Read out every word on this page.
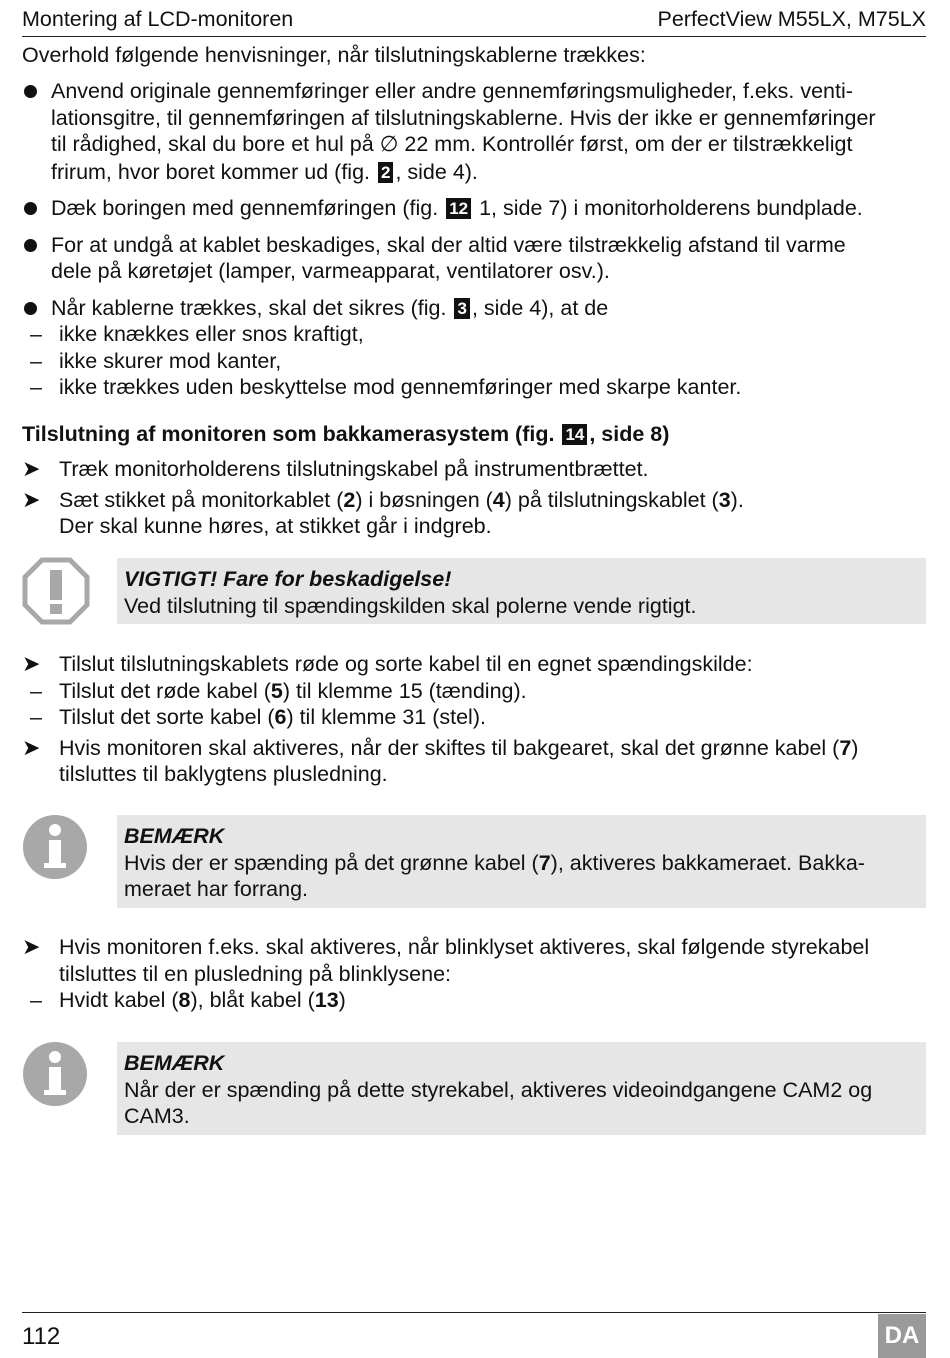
Montering af LCD-monitoren	PerfectView M55LX, M75LX
Overhold følgende henvisninger, når tilslutningskablerne trækkes:
Anvend originale gennemføringer eller andre gennemføringsmuligheder, f.eks. venti-
lationsgitre, til gennemføringen af tilslutningskablerne. Hvis der ikke er gennemføringer
til rådighed, skal du bore et hul på ∅ 22 mm. Kontrollér først, om der er tilstrækkeligt
frirum, hvor boret kommer ud (fig. 2 , side 4).
Dæk boringen med gennemføringen (fig. 12 1, side 7) i monitorholderens bundplade.
For at undgå at kablet beskadiges, skal der altid være tilstrækkelig afstand til varme
dele på køretøjet (lamper, varmeapparat, ventilatorer osv.).
Når kablerne trækkes, skal det sikres (fig. 3 , side 4), at de
– ikke knækkes eller snos kraftigt,
– ikke skurer mod kanter,
– ikke trækkes uden beskyttelse mod gennemføringer med skarpe kanter.
Tilslutning af monitoren som bakkamerasystem (fig. 14 , side 8)
➤ Træk monitorholderens tilslutningskabel på instrumentbrættet.
➤ Sæt stikket på monitorkablet (2) i bøsningen (4) på tilslutningskablet (3).
Der skal kunne høres, at stikket går i indgreb.
VIGTIGT! Fare for beskadigelse!
Ved tilslutning til spændingskilden skal polerne vende rigtigt.
➤ Tilslut tilslutningskablets røde og sorte kabel til en egnet spændingskilde:
– Tilslut det røde kabel (5) til klemme 15 (tænding).
– Tilslut det sorte kabel (6) til klemme 31 (stel).
➤ Hvis monitoren skal aktiveres, når der skiftes til bakgearet, skal det grønne kabel (7)
tilsluttes til baklygtens plusledning.
BEMÆRK
Hvis der er spænding på det grønne kabel (7), aktiveres bakkameraet. Bakka-
meraet har forrang.
➤ Hvis monitoren f.eks. skal aktiveres, når blinklyset aktiveres, skal følgende styrekabel
tilsluttes til en plusledning på blinklysene:
– Hvidt kabel (8), blåt kabel (13)
BEMÆRK
Når der er spænding på dette styrekabel, aktiveres videoindgangene CAM2 og
CAM3.
112	DA
